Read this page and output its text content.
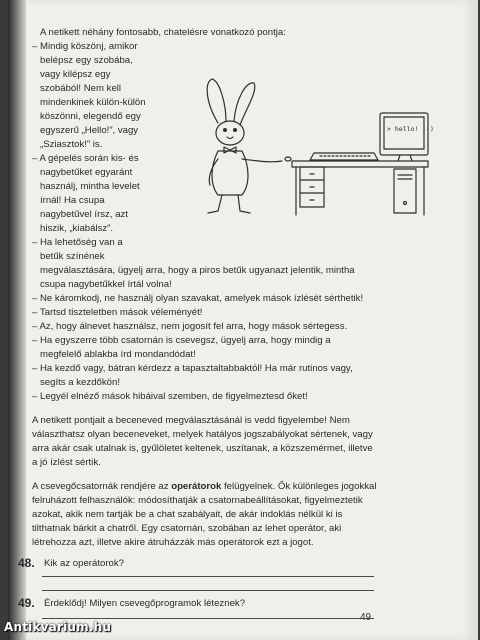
A netikett néhány fontosabb, chatelésre vonatkozó pontja:

– Mindig köszönj, amikor

belépsz egy szobába,

vagy kilépsz egy

szobából! Nem kell

mindenkinek külön-külön

köszönni, elegendő egy

egyszerű „Hello!”, vagy

„Sziasztok!” is.

– A gépelés során kis- és

nagybetűket egyaránt

használj, mintha levelet

írnál! Ha csupa

nagybetűvel írsz, azt

hiszik, „kiabálsz”.

– Ha lehetőség van a

betűk színének

megválasztására, ügyelj arra, hogy a piros betűk ugyanazt jelentik, mintha

csupa nagybetűkkel írtál volna!

– Ne káromkodj, ne használj olyan szavakat, amelyek mások ízlését sérthetik!

– Tartsd tiszteletben mások véleményét!

– Az, hogy álnevet használsz, nem jogosít fel arra, hogy mások sértegess.

– Ha egyszerre több csatornán is csevegsz, ügyelj arra, hogy mindig a

megfelelő ablakba írd mondandódat!

– Ha kezdő vagy, bátran kérdezz a tapasztaltabbaktól! Ha már rutinos vagy,

segíts a kezdőkön!

– Legyél elnéző mások hibáival szemben, de figyelmeztesd őket!

> hello! ;-)

A netikett pontjait a beceneved megválasztásánál is vedd figyelembe! Nem

választhatsz olyan beceneveket, melyek hatályos jogszabályokat sértenek, vagy

arra akár csak utalnak is, gyűlöletet keltenek, uszítanak, a közszemérmet, illetve

a jó ízlést sértik.

A csevegőcsatornák rendjére az operátorok felügyelnek. Ők különleges jogokkal

felruházott felhasználók: módosíthatják a csatornabeállításokat, figyelmeztetik

azokat, akik nem tartják be a chat szabályait, de akár indoklás nélkül ki is

tilthatnak bárkit a chatről. Egy csatornán, szobában az lehet operátor, aki

létrehozza azt, illetve akire átruházzák más operátorok ezt a jogot.

48. Kik az operátorok?

49. Érdeklődj! Milyen csevegőprogramok léteznek?

49
Antikvarium.hu
